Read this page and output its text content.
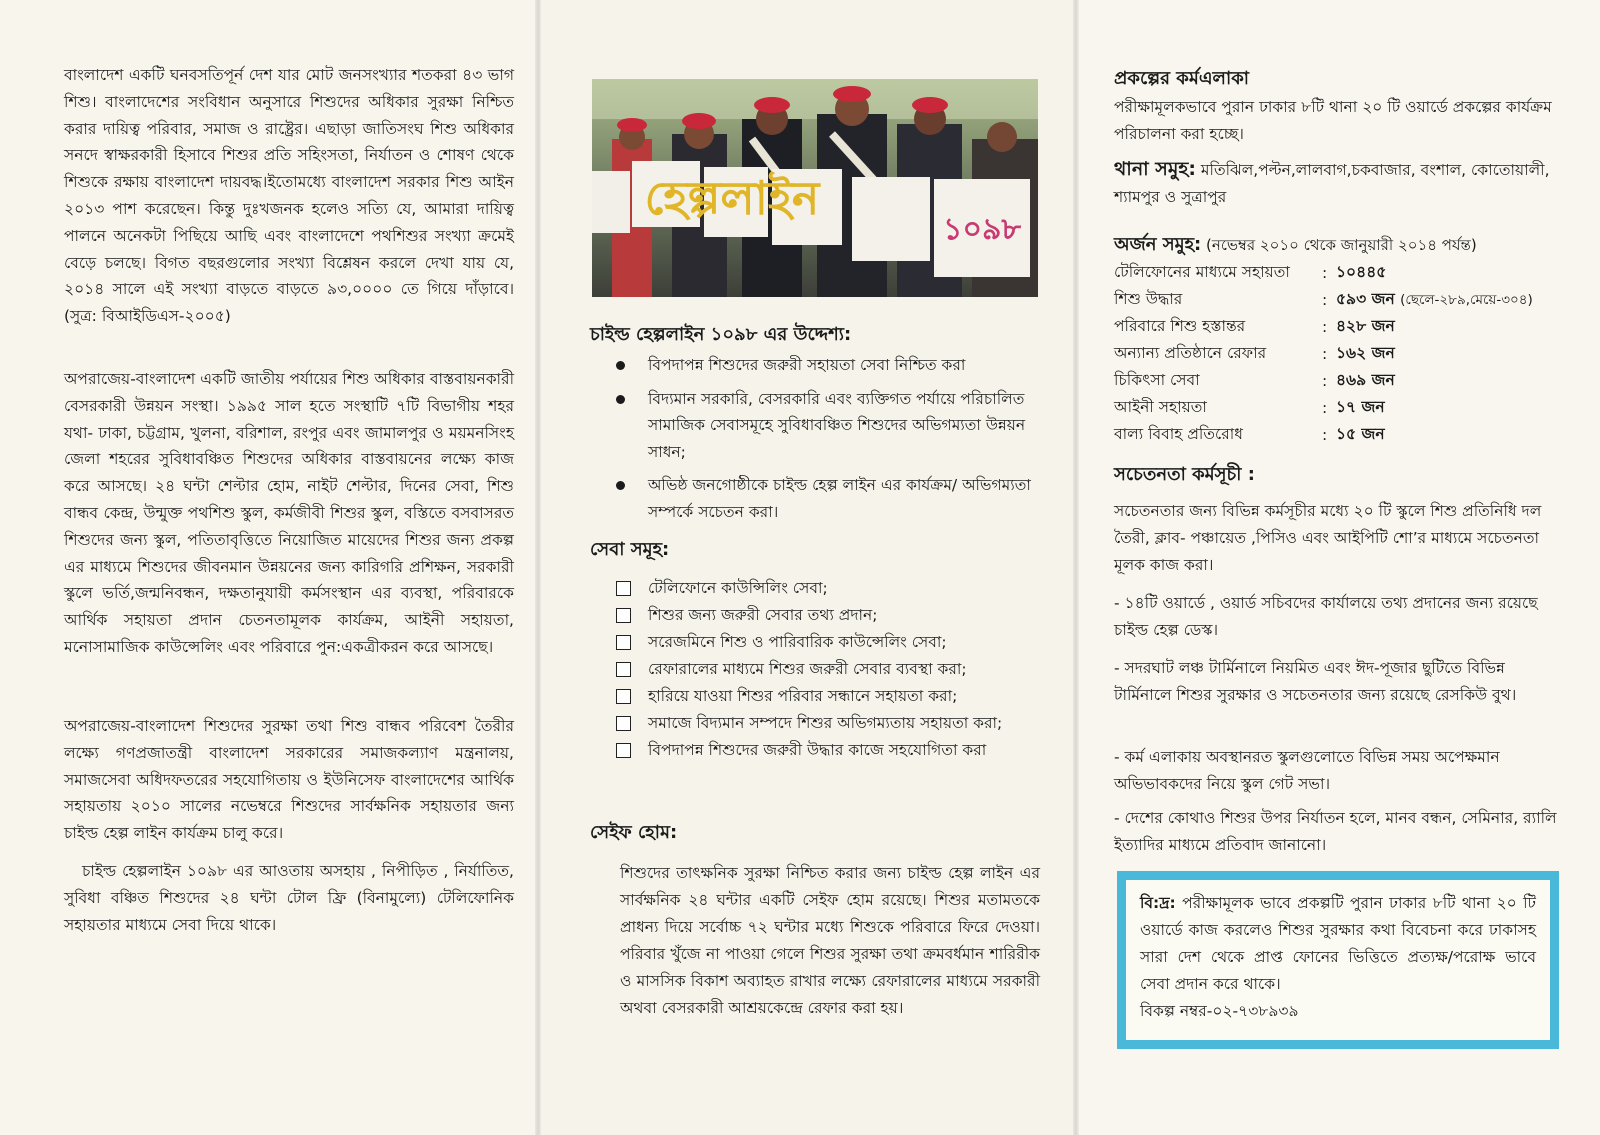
বাংলাদেশ একটি ঘনবসতিপূর্ন দেশ যার মোট জনসংখ্যার শতকরা ৪৩ ভাগ শিশু। বাংলাদেশের সংবিধান অনুসারে শিশুদের অধিকার সুরক্ষা নিশ্চিত করার দায়িত্ব পরিবার, সমাজ ও রাষ্ট্রের। এছাড়া জাতিসংঘ শিশু অধিকার সনদে স্বাক্ষরকারী হিসাবে শিশুর প্রতি সহিংসতা, নির্যাতন ও শোষণ থেকে শিশুকে রক্ষায় বাংলাদেশ দায়বদ্ধ।ইতোমধ্যে বাংলাদেশ সরকার শিশু আইন ২০১৩ পাশ করেছেন। কিন্তু দুঃখজনক হলেও সত্যি যে, আমারা দায়িত্ব পালনে অনেকটা পিছিয়ে আছি এবং বাংলাদেশে পথশিশুর সংখ্যা ক্রমেই বেড়ে চলছে। বিগত বছরগুলোর সংখ্যা বিশ্লেষন করলে দেখা যায় যে, ২০১৪ সালে এই সংখ্যা বাড়তে বাড়তে ৯৩,০০০০ তে গিয়ে দাঁড়াবে। (সুত্র: বিআইডিএস-২০০৫)

অপরাজেয়-বাংলাদেশ একটি জাতীয় পর্যায়ের শিশু অধিকার বাস্তবায়নকারী বেসরকারী উন্নয়ন সংস্থা। ১৯৯৫ সাল হতে সংস্থাটি ৭টি বিভাগীয় শহর যথা- ঢাকা, চট্টগ্রাম, খুলনা, বরিশাল, রংপুর এবং জামালপুর ও ময়মনসিংহ জেলা শহরের সুবিধাবঞ্চিত শিশুদের অধিকার বাস্তবায়নের লক্ষ্যে কাজ করে আসছে। ২৪ ঘন্টা শেল্টার হোম, নাইট শেল্টার, দিনের সেবা, শিশু বান্ধব কেন্দ্র, উন্মুক্ত পথশিশু স্কুল, কর্মজীবী শিশুর স্কুল, বস্তিতে বসবাসরত শিশুদের জন্য স্কুল, পতিতাবৃত্তিতে নিয়োজিত মায়েদের শিশুর জন্য প্রকল্প এর মাধ্যমে শিশুদের জীবনমান উন্নয়নের জন্য কারিগরি প্রশিক্ষন, সরকারী স্কুলে ভর্তি,জন্মনিবন্ধন, দক্ষতানুযায়ী কর্মসংস্থান এর ব্যবস্থা, পরিবারকে আর্থিক সহায়তা প্রদান চেতনতামূলক কার্যক্রম, আইনী সহায়তা, মনোসামাজিক কাউন্সেলিং এবং পরিবারে পুন:একত্রীকরন করে আসছে।

অপরাজেয়-বাংলাদেশ শিশুদের সুরক্ষা তথা শিশু বান্ধব পরিবেশ তৈরীর লক্ষ্যে গণপ্রজাতন্ত্রী বাংলাদেশ সরকারের সমাজকল্যাণ মন্ত্রনালয়, সমাজসেবা অধিদফতরের সহযোগিতায় ও ইউনিসেফ বাংলাদেশের আর্থিক সহায়তায় ২০১০ সালের নভেম্বরে শিশুদের সার্বক্ষনিক সহায়তার জন্য চাইল্ড হেল্প লাইন কার্যক্রম চালু করে।

চাইল্ড হেল্পলাইন ১০৯৮ এর আওতায় অসহায় , নিপীড়িত , নির্যাতিত, সুবিধা বঞ্চিত শিশুদের ২৪ ঘন্টা টোল ফ্রি (বিনামুল্যে) টেলিফোনিক সহায়তার মাধ্যমে সেবা দিয়ে থাকে।

হেল্পলাইন
১০৯৮
চাইল্ড হেল্পলাইন ১০৯৮ এর উদ্দেশ্য:
বিপদাপন্ন শিশুদের জরুরী সহায়তা সেবা নিশ্চিত করা
বিদ্যমান সরকারি, বেসরকারি এবং ব্যক্তিগত পর্যায়ে পরিচালিত সামাজিক সেবাসমূহে সুবিধাবঞ্চিত শিশুদের অভিগম্যতা উন্নয়ন সাধন;
অভিষ্ঠ জনগোষ্ঠীকে চাইল্ড হেল্প লাইন এর কার্যক্রম/ অভিগম্যতা সম্পর্কে সচেতন করা।
সেবা সমূহ:
টেলিফোনে কাউন্সিলিং সেবা;
শিশুর জন্য জরুরী সেবার তথ্য প্রদান;
সরেজমিনে শিশু ও পারিবারিক কাউন্সেলিং সেবা;
রেফারালের মাধ্যমে শিশুর জরুরী সেবার ব্যবস্থা করা;
হারিয়ে যাওয়া শিশুর পরিবার সন্ধানে সহায়তা করা;
সমাজে বিদ্যমান সম্পদে শিশুর অভিগম্যতায় সহায়তা করা;
বিপদাপন্ন শিশুদের জরুরী উদ্ধার কাজে সহযোগিতা করা
সেইফ হোম:

শিশুদের তাৎক্ষনিক সুরক্ষা নিশ্চিত করার জন্য চাইল্ড হেল্প লাইন এর সার্বক্ষনিক ২৪ ঘন্টার একটি সেইফ হোম রয়েছে। শিশুর মতামতকে প্রাধন্য দিয়ে সর্বোচ্চ ৭২ ঘন্টার মধ্যে শিশুকে পরিবারে ফিরে দেওয়া। পরিবার খুঁজে না পাওয়া গেলে শিশুর সুরক্ষা তথা ক্রমবর্ধমান শারিরীক ও মাসসিক বিকাশ অব্যাহত রাখার লক্ষ্যে রেফারালের মাধ্যমে সরকারী অথবা বেসরকারী আশ্রয়কেন্দ্রে রেফার করা হয়।

প্রকল্পের কর্মএলাকা

পরীক্ষামূলকভাবে পুরান ঢাকার ৮টি থানা ২০ টি ওয়ার্ডে প্রকল্পের কার্যক্রম পরিচালনা করা হচ্ছে।

থানা সমুহ: মতিঝিল,পল্টন,লালবাগ,চকবাজার, বংশাল, কোতোয়ালী, শ্যামপুর ও সুত্রাপুর

অর্জন সমুহ: (নভেম্বর ২০১০ থেকে জানুয়ারী ২০১৪ পর্যন্ত)

টেলিফোনের মাধ্যমে সহায়তা	:	১০৪৪৫
শিশু উদ্ধার	:	৫৯৩ জন (ছেলে-২৮৯,মেয়ে-৩০৪)
পরিবারে শিশু হস্তান্তর	:	৪২৮ জন
অন্যান্য প্রতিষ্ঠানে রেফার	:	১৬২ জন
চিকিৎসা সেবা	:	৪৬৯ জন
আইনী সহায়তা	:	১৭ জন
বাল্য বিবাহ প্রতিরোধ	:	১৫ জন
সচেতনতা কর্মসূচী :

সচেতনতার জন্য বিভিন্ন কর্মসূচীর মধ্যে ২০ টি স্কুলে শিশু প্রতিনিধি দল তৈরী, ক্লাব- পঞ্চায়েত ,পিসিও এবং আইপিটি শো’র মাধ্যমে সচেতনতা মূলক কাজ করা।

- ১৪টি ওয়ার্ডে , ওয়ার্ড সচিবদের কার্যালয়ে তথ্য প্রদানের জন্য রয়েছে চাইল্ড হেল্প ডেস্ক।

- সদরঘাট লঞ্চ টার্মিনালে নিয়মিত এবং ঈদ-পূজার ছুটিতে বিভিন্ন টার্মিনালে শিশুর সুরক্ষার ও সচেতনতার জন্য রয়েছে রেসকিউ বুথ।

- কর্ম এলাকায় অবস্থানরত স্কুলগুলোতে বিভিন্ন সময় অপেক্ষমান অভিভাবকদের নিয়ে স্কুল গেট সভা।

- দেশের কোথাও শিশুর উপর নির্যাতন হলে, মানব বন্ধন, সেমিনার, র‌্যালি ইত্যাদির মাধ্যমে প্রতিবাদ জানানো।

বি:দ্র: পরীক্ষামূলক ভাবে প্রকল্পটি পুরান ঢাকার ৮টি থানা ২০ টি ওয়ার্ডে কাজ করলেও শিশুর সুরক্ষার কথা বিবেচনা করে ঢাকাসহ সারা দেশ থেকে প্রাপ্ত ফোনের ভিত্তিতে প্রত্যক্ষ/পরোক্ষ ভাবে সেবা প্রদান করে থাকে।
বিকল্প নম্বর-০২-৭৩৮৯৩৯
